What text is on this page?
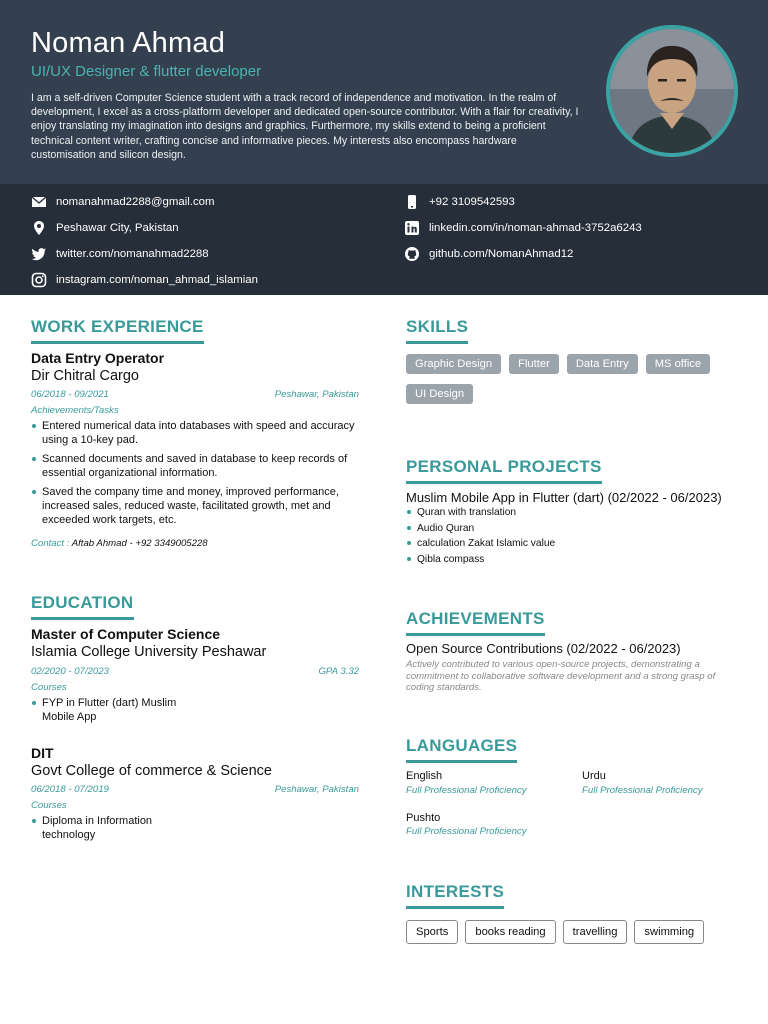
Noman Ahmad
UI/UX Designer & flutter developer
I am a self-driven Computer Science student with a track record of independence and motivation. In the realm of development, I excel as a cross-platform developer and dedicated open-source contributor. With a flair for creativity, I enjoy translating my imagination into designs and graphics. Furthermore, my skills extend to being a proficient technical content writer, crafting concise and informative pieces. My interests also encompass hardware customisation and silicon design.
nomanahmad2288@gmail.com	+92 3109542593
Peshawar City, Pakistan	linkedin.com/in/noman-ahmad-3752a6243
twitter.com/nomanahmad2288	github.com/NomanAhmad12
instagram.com/noman_ahmad_islamian
WORK EXPERIENCE
Data Entry Operator
Dir Chitral Cargo
06/2018 - 09/2021	Peshawar, Pakistan
Achievements/Tasks
Entered numerical data into databases with speed and accuracy using a 10-key pad.
Scanned documents and saved in database to keep records of essential organizational information.
Saved the company time and money, improved performance, increased sales, reduced waste, facilitated growth, met and exceeded work targets, etc.
Contact : Aftab Ahmad - +92 3349005228
EDUCATION
Master of Computer Science
Islamia College University Peshawar
02/2020 - 07/2023	GPA 3.32
Courses
FYP in Flutter (dart) Muslim Mobile App
DIT
Govt College of commerce & Science
06/2018 - 07/2019	Peshawar, Pakistan
Courses
Diploma in Information technology
SKILLS
Graphic Design	Flutter	Data Entry	MS office
UI Design
PERSONAL PROJECTS
Muslim Mobile App in Flutter (dart) (02/2022 - 06/2023)
Quran with translation
Audio Quran
calculation Zakat Islamic value
Qibla compass
ACHIEVEMENTS
Open Source Contributions (02/2022 - 06/2023)
Actively contributed to various open-source projects, demonstrating a commitment to collaborative software development and a strong grasp of coding standards.
LANGUAGES
English
Full Professional Proficiency
Urdu
Full Professional Proficiency
Pushto
Full Professional Proficiency
INTERESTS
Sports	books reading	travelling	swimming
